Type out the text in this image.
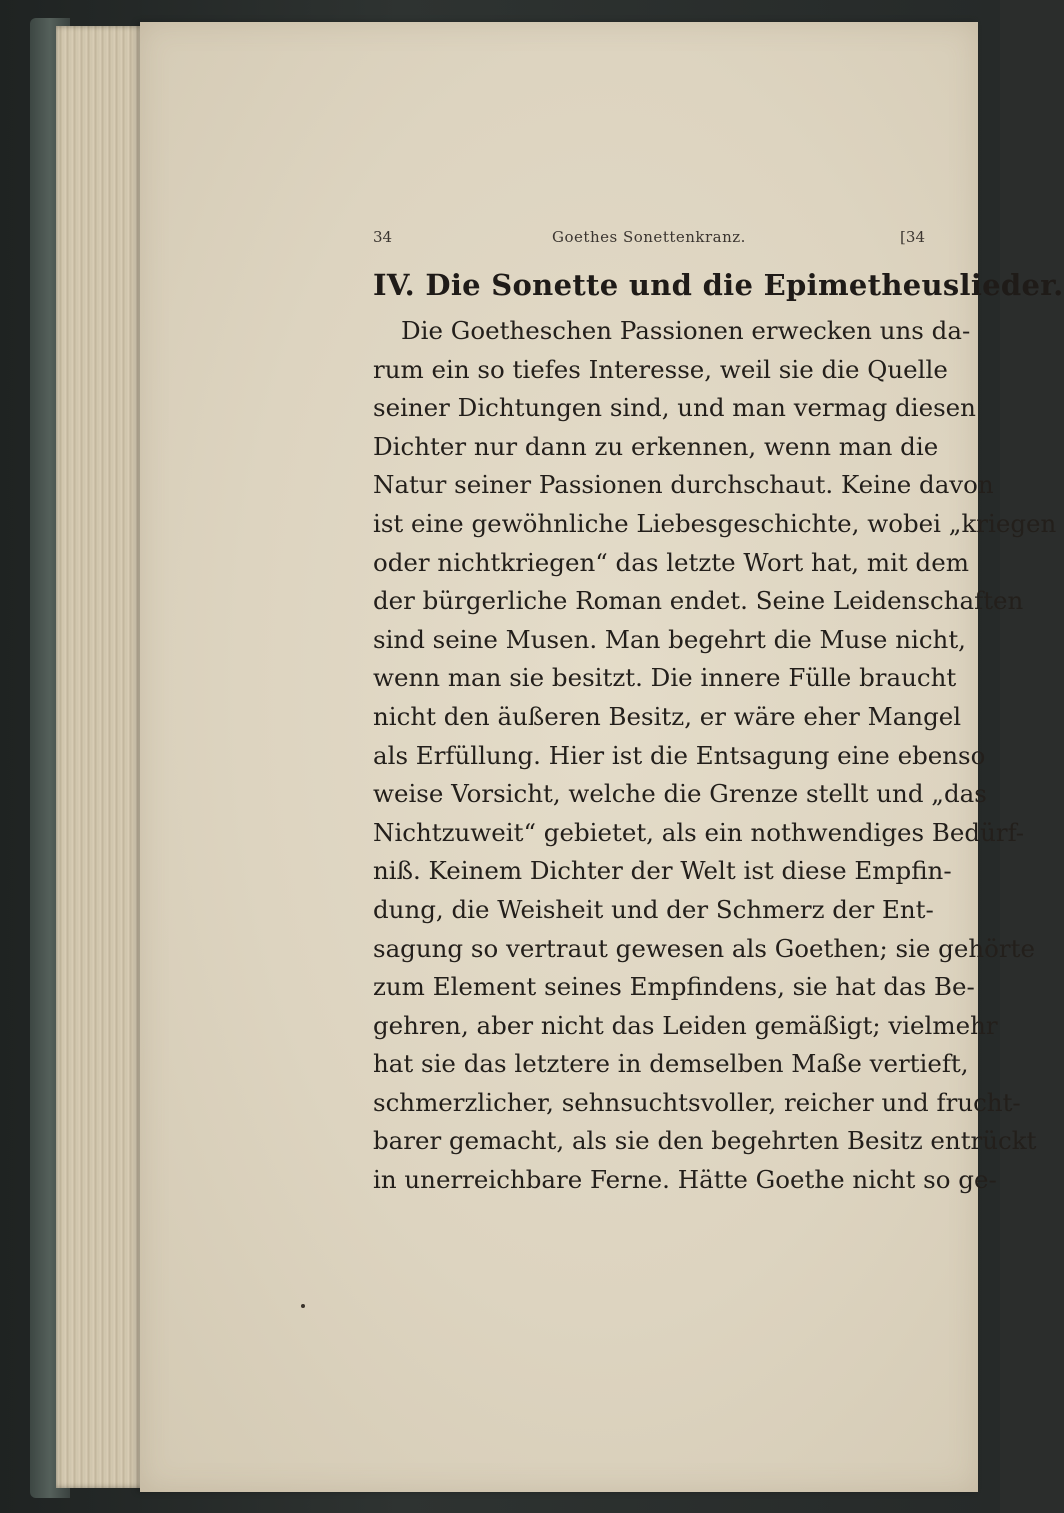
34	Goethes Sonettenkranz.	[34
IV. Die Sonette und die Epimetheuslieder.
Die Goetheschen Passionen erwecken uns da-
rum ein so tiefes Interesse, weil sie die Quelle
seiner Dichtungen sind, und man vermag diesen
Dichter nur dann zu erkennen, wenn man die
Natur seiner Passionen durchschaut. Keine davon
ist eine gewöhnliche Liebesgeschichte, wobei „kriegen
oder nichtkriegen“ das letzte Wort hat, mit dem
der bürgerliche Roman endet. Seine Leidenschaften
sind seine Musen. Man begehrt die Muse nicht,
wenn man sie besitzt. Die innere Fülle braucht
nicht den äußeren Besitz, er wäre eher Mangel
als Erfüllung. Hier ist die Entsagung eine ebenso
weise Vorsicht, welche die Grenze stellt und „das
Nichtzuweit“ gebietet, als ein nothwendiges Bedürf-
niß. Keinem Dichter der Welt ist diese Empfin-
dung, die Weisheit und der Schmerz der Ent-
sagung so vertraut gewesen als Goethen; sie gehörte
zum Element seines Empfindens, sie hat das Be-
gehren, aber nicht das Leiden gemäßigt; vielmehr
hat sie das letztere in demselben Maße vertieft,
schmerzlicher, sehnsuchtsvoller, reicher und frucht-
barer gemacht, als sie den begehrten Besitz entrückt
in unerreichbare Ferne. Hätte Goethe nicht so ge-
